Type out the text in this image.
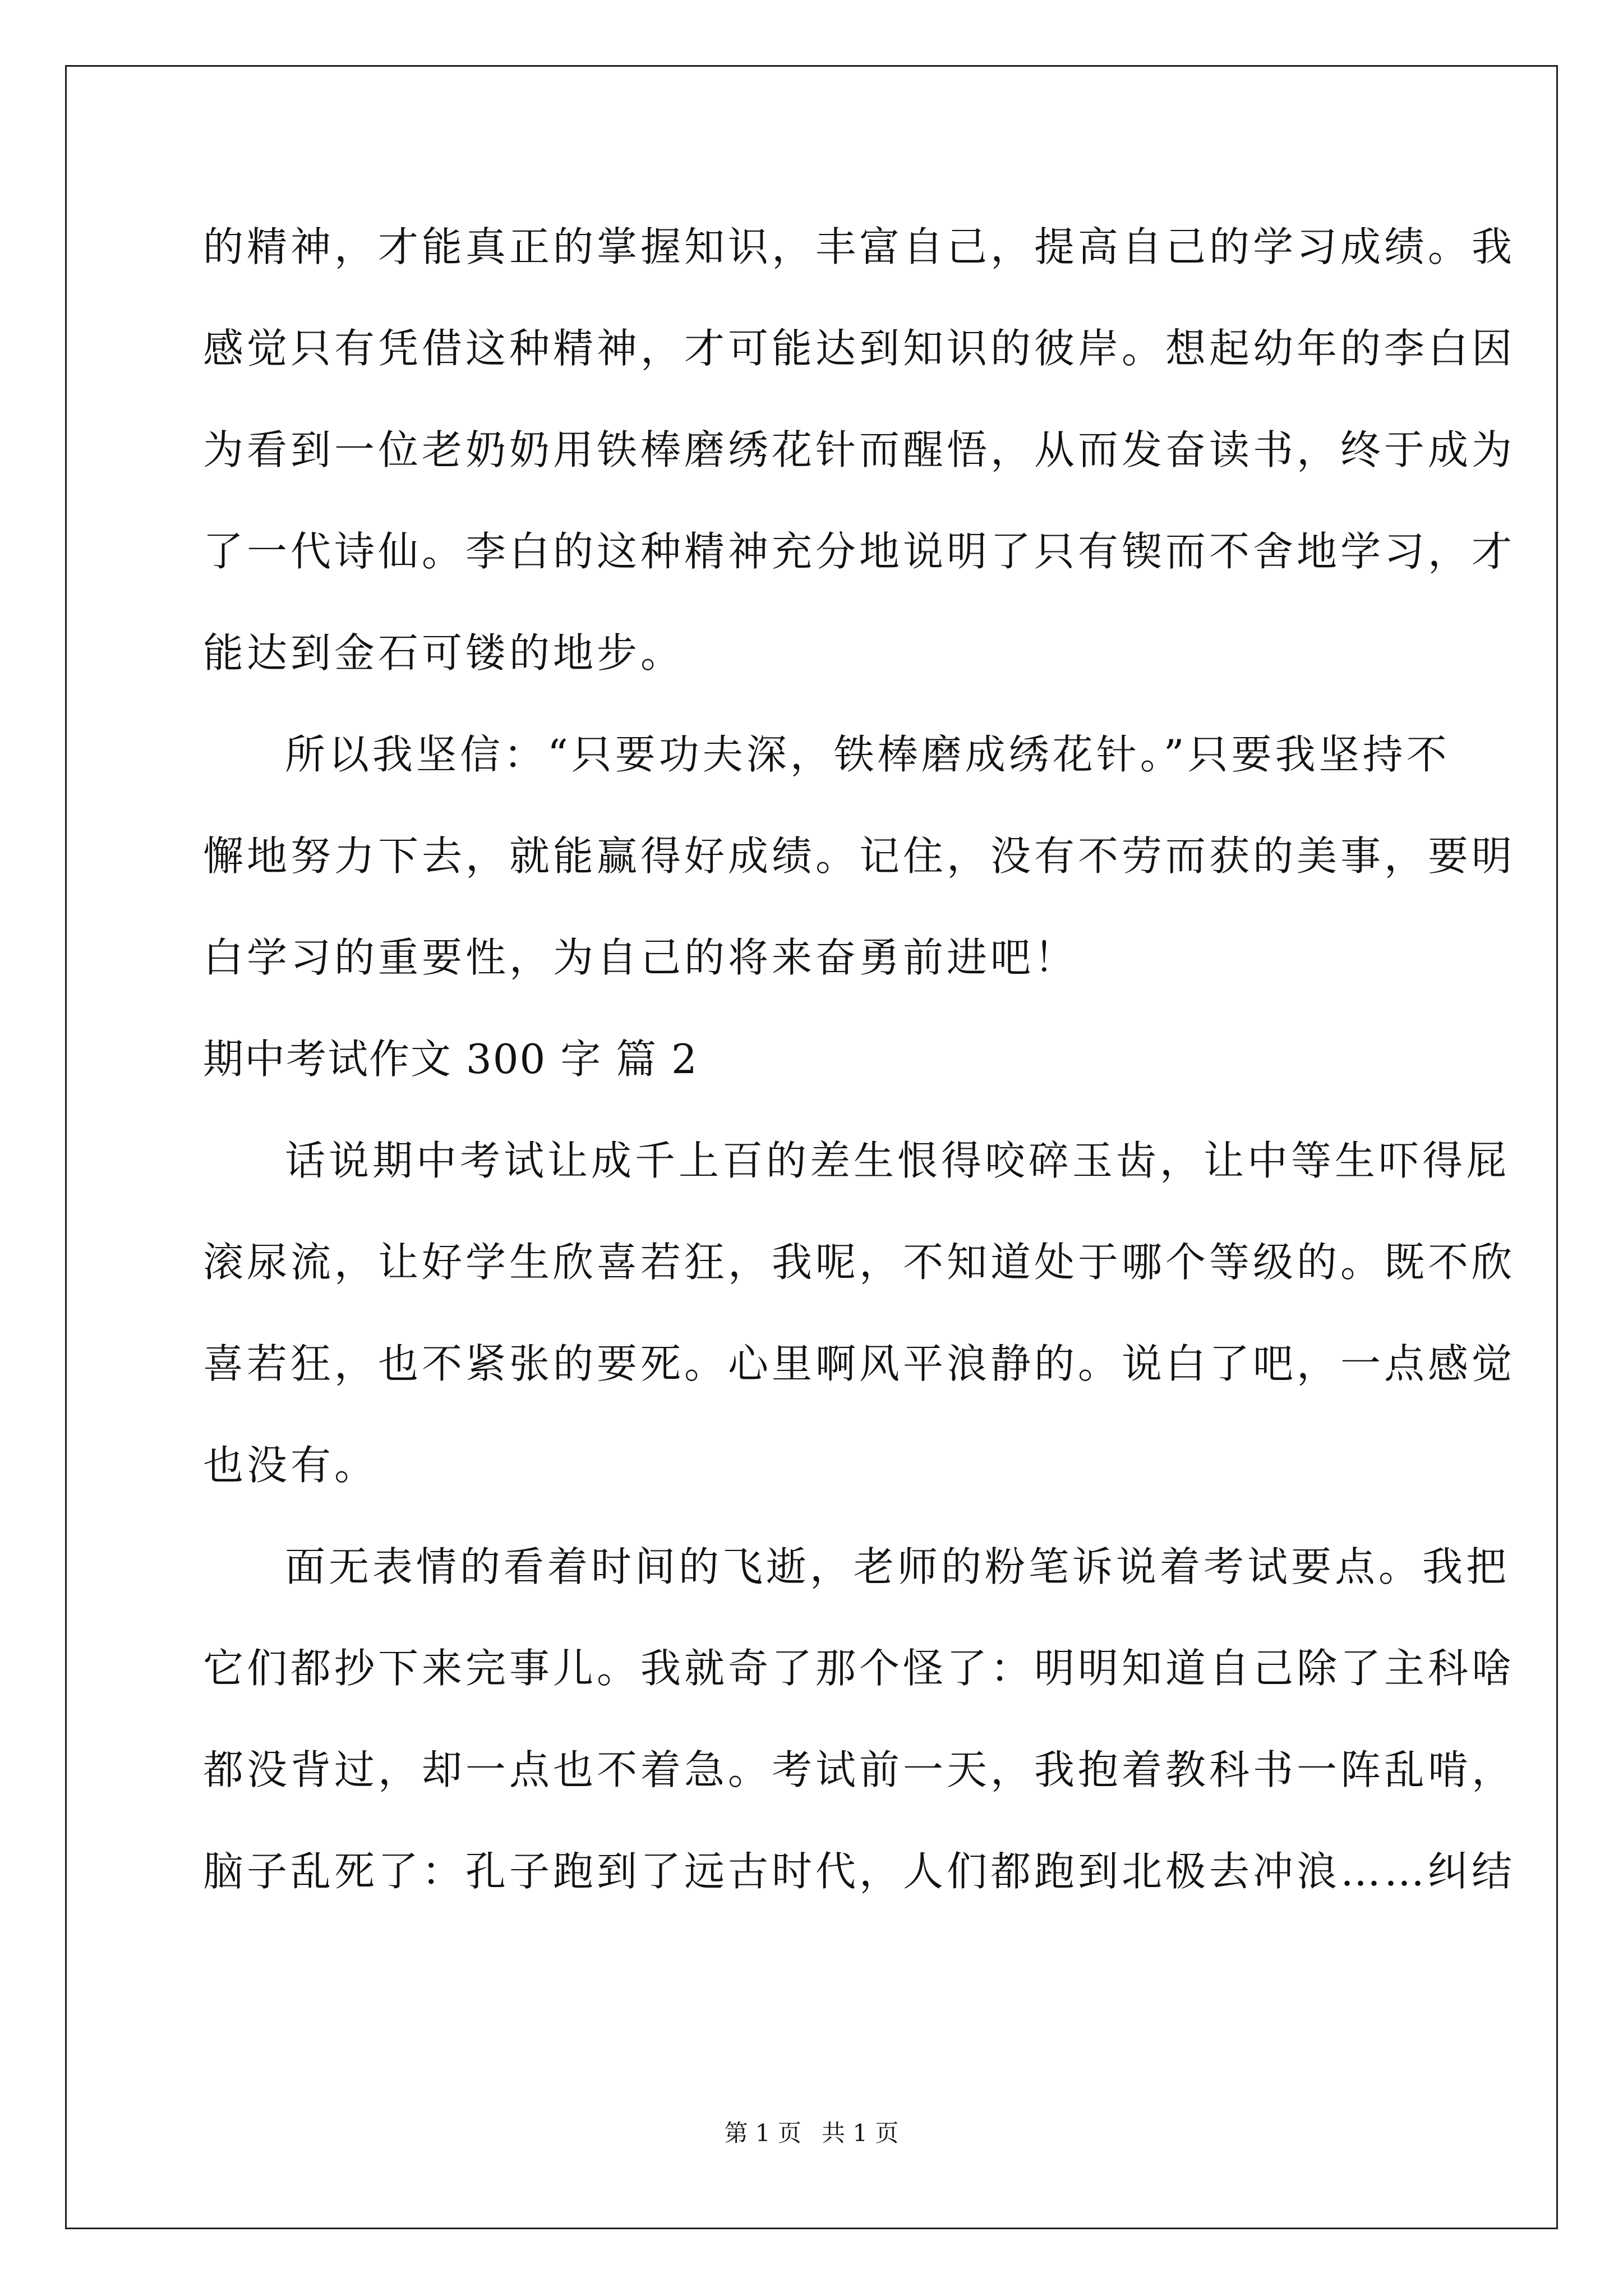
的精神，才能真正的掌握知识，丰富自己，提高自己的学习成绩。我
感觉只有凭借这种精神，才可能达到知识的彼岸。想起幼年的李白因
为看到一位老奶奶用铁棒磨绣花针而醒悟，从而发奋读书，终于成为
了一代诗仙。李白的这种精神充分地说明了只有锲而不舍地学习，才
能达到金石可镂的地步。
所以我坚信：“只要功夫深，铁棒磨成绣花针。”只要我坚持不
懈地努力下去，就能赢得好成绩。记住，没有不劳而获的美事，要明
白学习的重要性，为自己的将来奋勇前进吧！
期中考试作文 300 字 篇 2
话说期中考试让成千上百的差生恨得咬碎玉齿，让中等生吓得屁
滚尿流，让好学生欣喜若狂，我呢，不知道处于哪个等级的。既不欣
喜若狂，也不紧张的要死。心里啊风平浪静的。说白了吧，一点感觉
也没有。
面无表情的看着时间的飞逝，老师的粉笔诉说着考试要点。我把
它们都抄下来完事儿。我就奇了那个怪了：明明知道自己除了主科啥
都没背过，却一点也不着急。考试前一天，我抱着教科书一阵乱啃，
脑子乱死了：孔子跑到了远古时代，人们都跑到北极去冲浪……纠结
第 1 页 共 1 页
